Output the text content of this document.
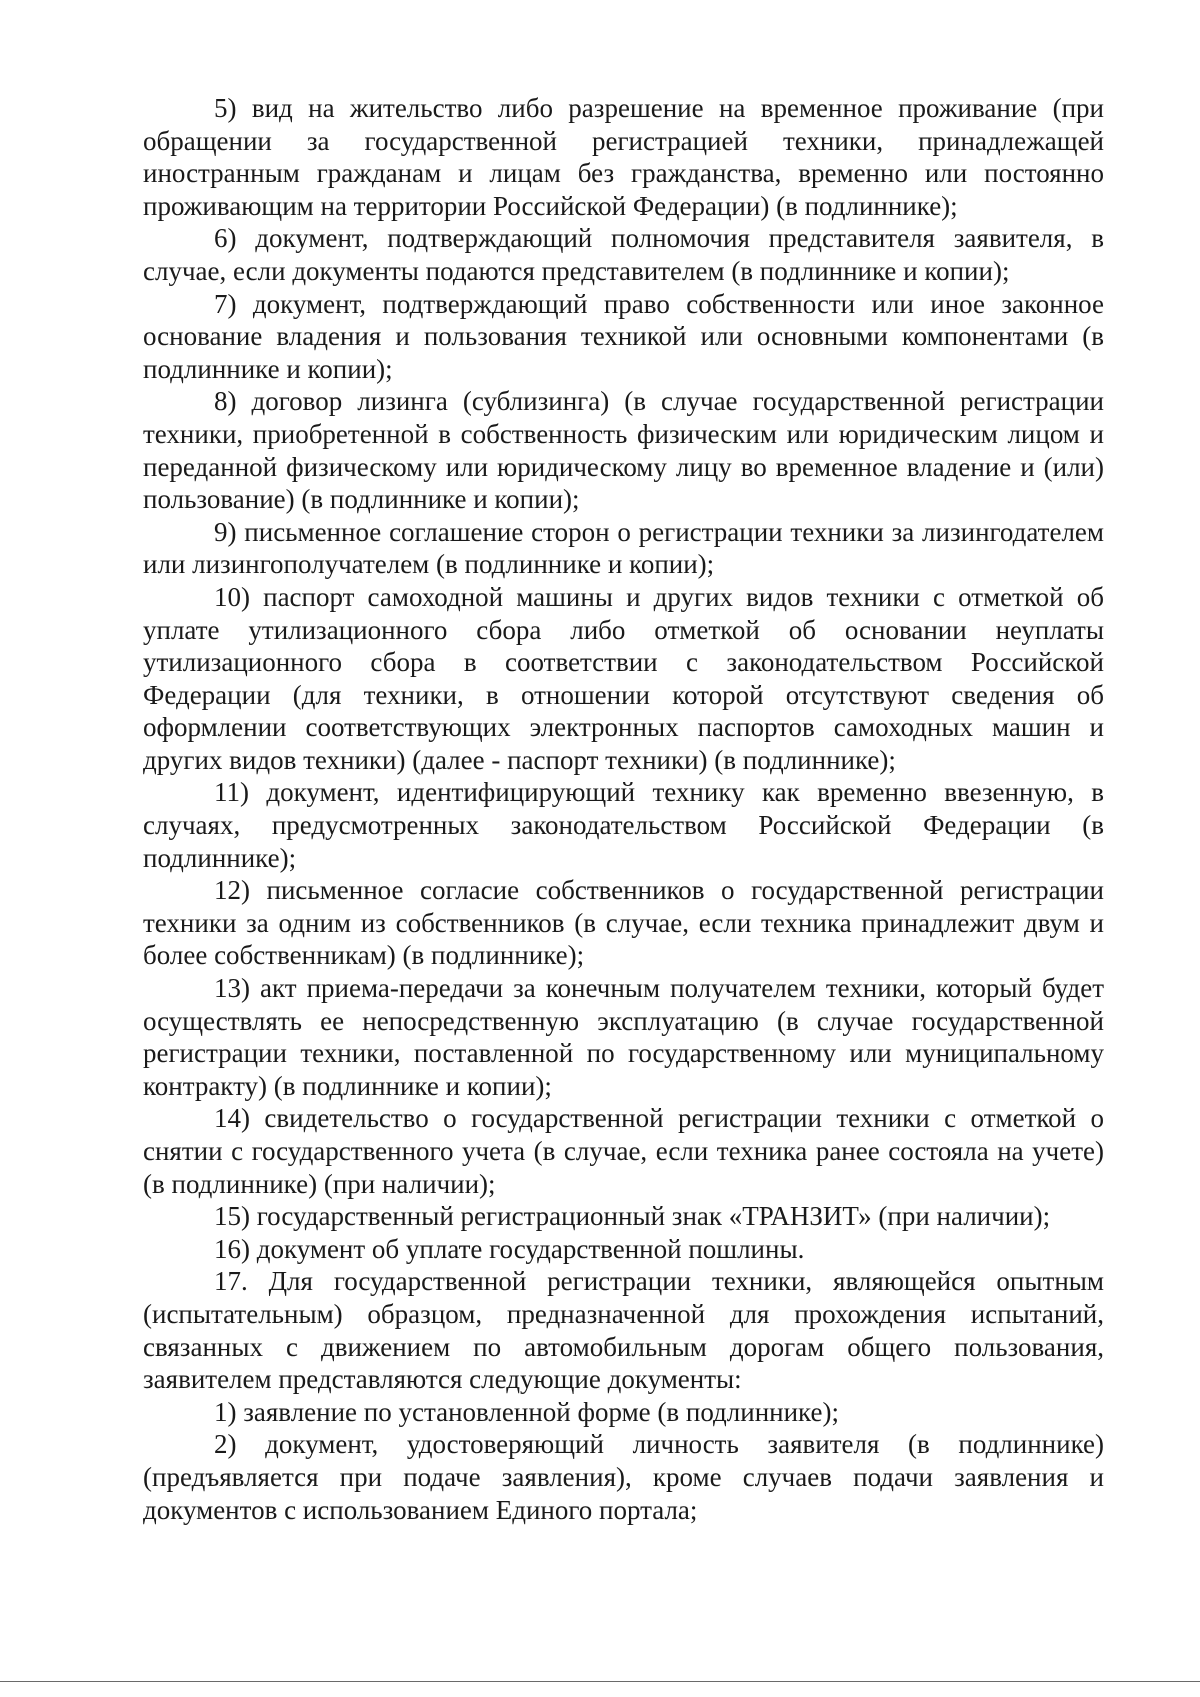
5) вид на жительство либо разрешение на временное проживание (при обращении за государственной регистрацией техники, принадлежащей иностранным гражданам и лицам без гражданства, временно или постоянно проживающим на территории Российской Федерации) (в подлиннике);

6) документ, подтверждающий полномочия представителя заявителя, в случае, если документы подаются представителем (в подлиннике и копии);

7) документ, подтверждающий право собственности или иное законное основание владения и пользования техникой или основными компонентами (в подлиннике и копии);

8) договор лизинга (сублизинга) (в случае государственной регистрации техники, приобретенной в собственность физическим или юридическим лицом и переданной физическому или юридическому лицу во временное владение и (или) пользование) (в подлиннике и копии);

9) письменное соглашение сторон о регистрации техники за лизингодателем или лизингополучателем (в подлиннике и копии);

10) паспорт самоходной машины и других видов техники с отметкой об уплате утилизационного сбора либо отметкой об основании неуплаты утилизационного сбора в соответствии с законодательством Российской Федерации (для техники, в отношении которой отсутствуют сведения об оформлении соответствующих электронных паспортов самоходных машин и других видов техники) (далее - паспорт техники) (в подлиннике);

11) документ, идентифицирующий технику как временно ввезенную, в случаях, предусмотренных законодательством Российской Федерации (в подлиннике);

12) письменное согласие собственников о государственной регистрации техники за одним из собственников (в случае, если техника принадлежит двум и более собственникам) (в подлиннике);

13) акт приема-передачи за конечным получателем техники, который будет осуществлять ее непосредственную эксплуатацию (в случае государственной регистрации техники, поставленной по государственному или муниципальному контракту) (в подлиннике и копии);

14) свидетельство о государственной регистрации техники с отметкой о снятии с государственного учета (в случае, если техника ранее состояла на учете) (в подлиннике) (при наличии);

15) государственный регистрационный знак «ТРАНЗИТ» (при наличии);

16) документ об уплате государственной пошлины.

17. Для государственной регистрации техники, являющейся опытным (испытательным) образцом, предназначенной для прохождения испытаний, связанных с движением по автомобильным дорогам общего пользования, заявителем представляются следующие документы:

1) заявление по установленной форме (в подлиннике);

2) документ, удостоверяющий личность заявителя (в подлиннике) (предъявляется при подаче заявления), кроме случаев подачи заявления и документов с использованием Единого портала;
